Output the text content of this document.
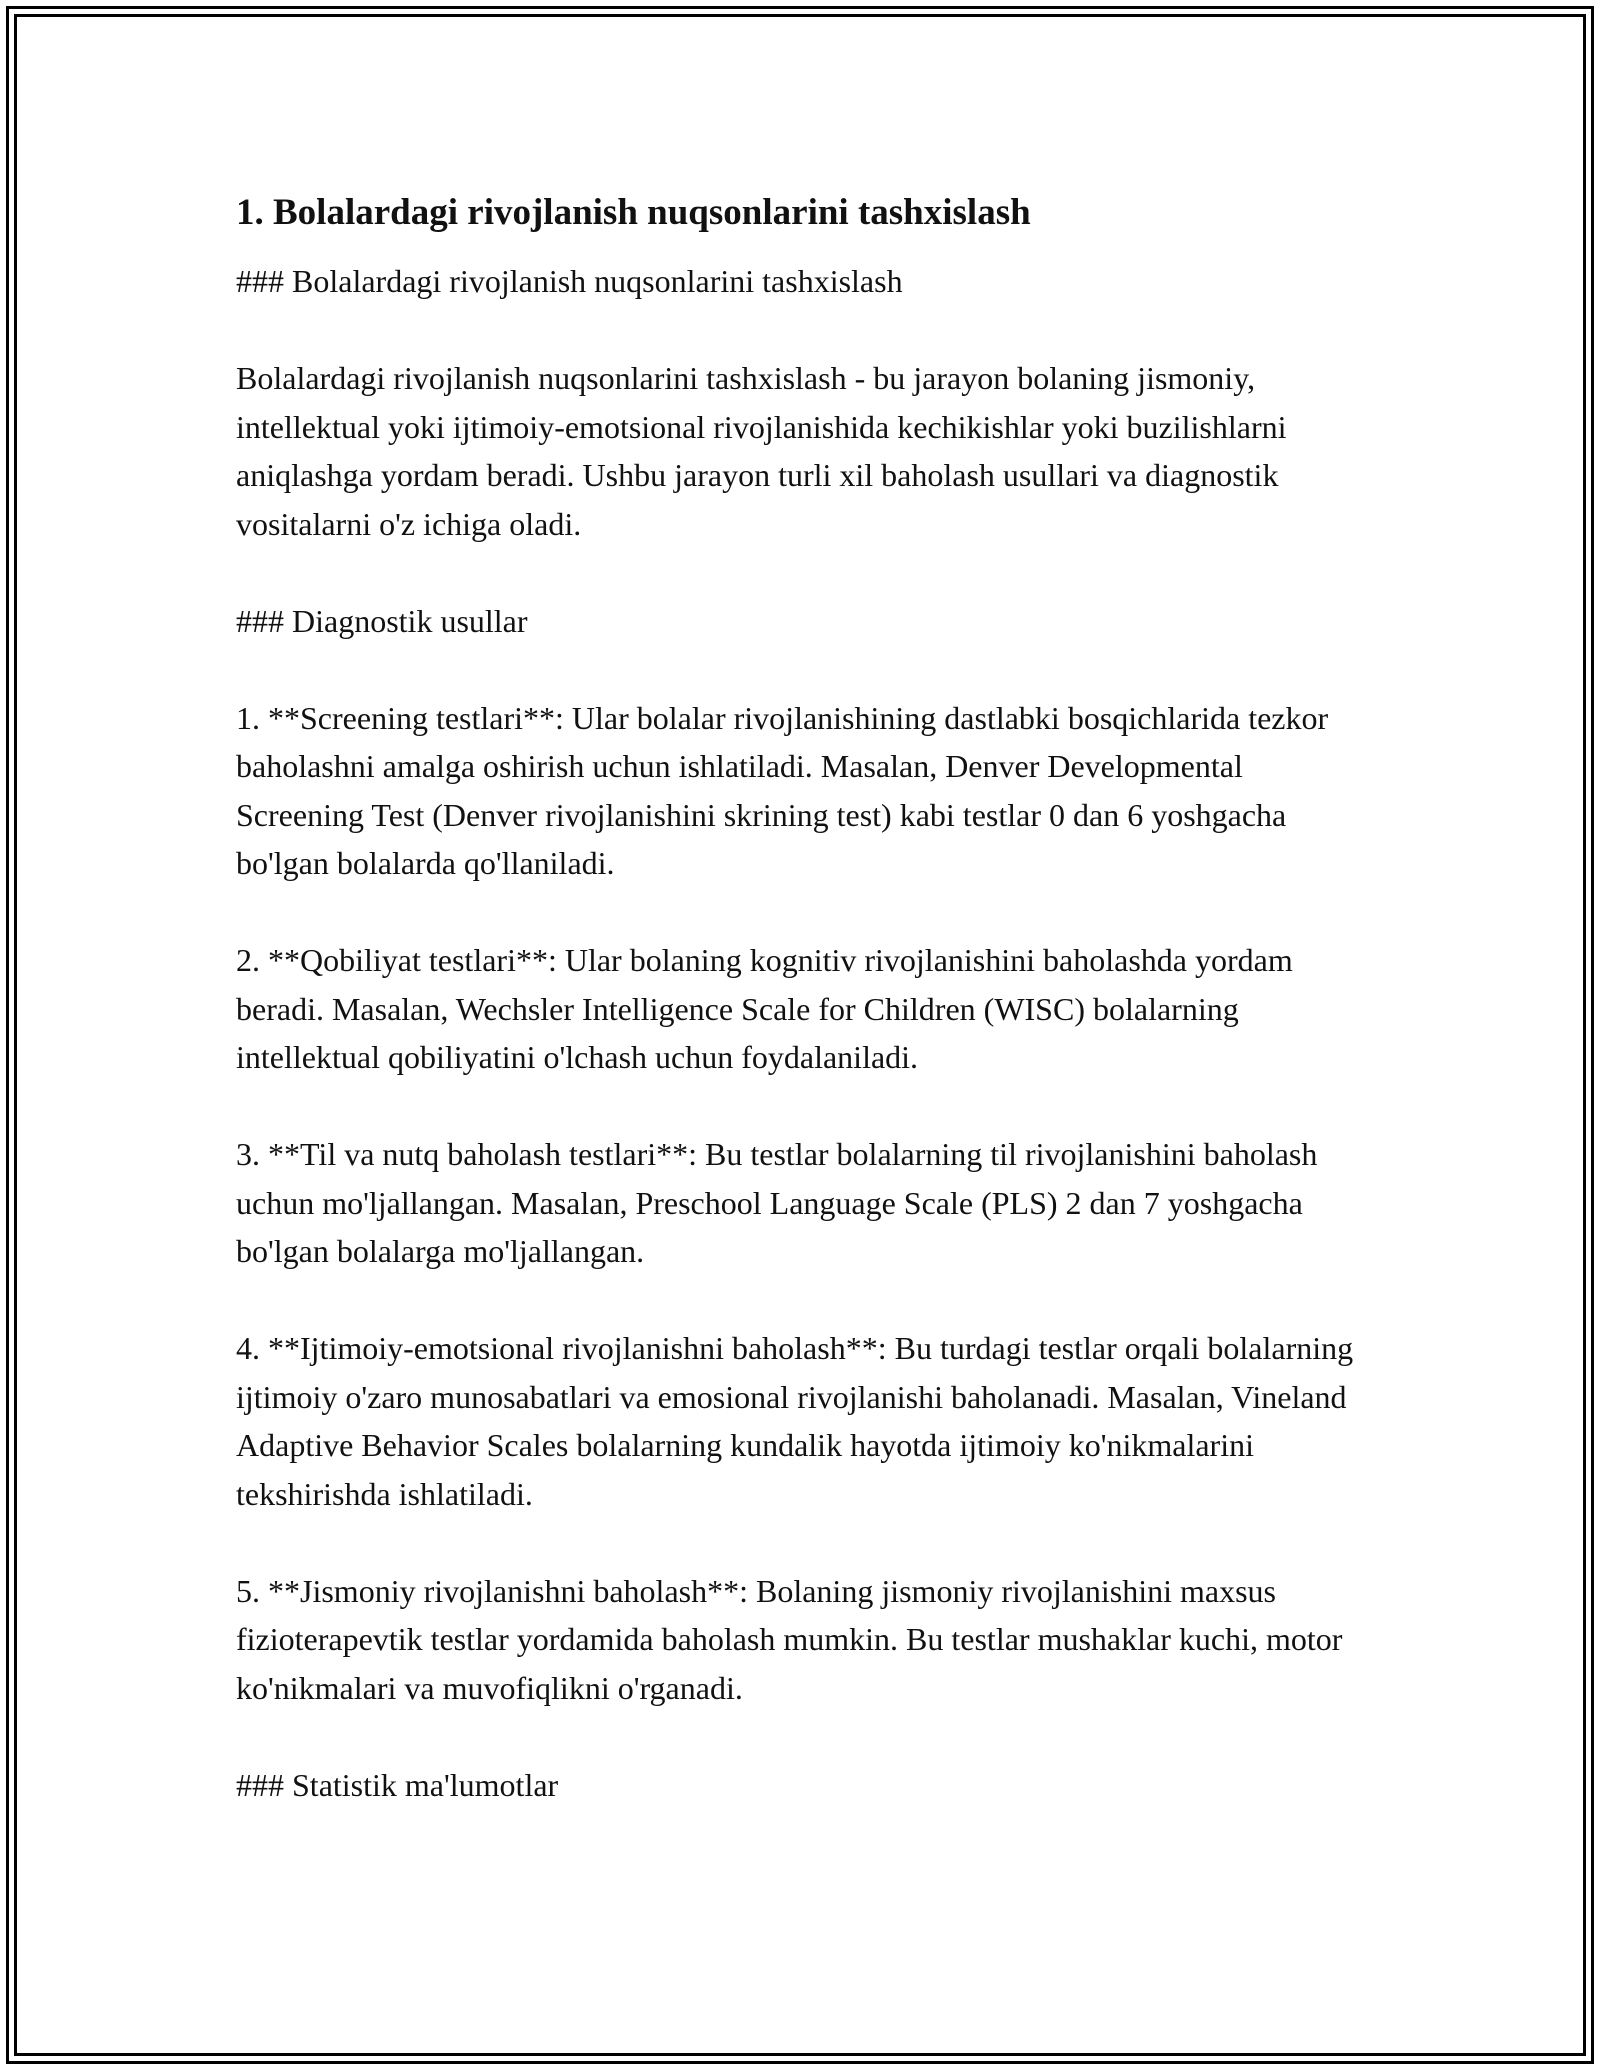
1. Bolalardagi rivojlanish nuqsonlarini tashxislash

### Bolalardagi rivojlanish nuqsonlarini tashxislash

Bolalardagi rivojlanish nuqsonlarini tashxislash - bu jarayon bolaning jismoniy, intellektual yoki ijtimoiy-emotsional rivojlanishida kechikishlar yoki buzilishlarni aniqlashga yordam beradi. Ushbu jarayon turli xil baholash usullari va diagnostik vositalarni o'z ichiga oladi.

### Diagnostik usullar

1. **Screening testlari**: Ular bolalar rivojlanishining dastlabki bosqichlarida tezkor baholashni amalga oshirish uchun ishlatiladi. Masalan, Denver Developmental Screening Test (Denver rivojlanishini skrining test) kabi testlar 0 dan 6 yoshgacha bo'lgan bolalarda qo'llaniladi.

2. **Qobiliyat testlari**: Ular bolaning kognitiv rivojlanishini baholashda yordam beradi. Masalan, Wechsler Intelligence Scale for Children (WISC) bolalarning intellektual qobiliyatini o'lchash uchun foydalaniladi.

3. **Til va nutq baholash testlari**: Bu testlar bolalarning til rivojlanishini baholash uchun mo'ljallangan. Masalan, Preschool Language Scale (PLS) 2 dan 7 yoshgacha bo'lgan bolalarga mo'ljallangan.

4. **Ijtimoiy-emotsional rivojlanishni baholash**: Bu turdagi testlar orqali bolalarning ijtimoiy o'zaro munosabatlari va emosional rivojlanishi baholanadi. Masalan, Vineland Adaptive Behavior Scales bolalarning kundalik hayotda ijtimoiy ko'nikmalarini tekshirishda ishlatiladi.

5. **Jismoniy rivojlanishni baholash**: Bolaning jismoniy rivojlanishini maxsus fizioterapevtik testlar yordamida baholash mumkin. Bu testlar mushaklar kuchi, motor ko'nikmalari va muvofiqlikni o'rganadi.

### Statistik ma'lumotlar
